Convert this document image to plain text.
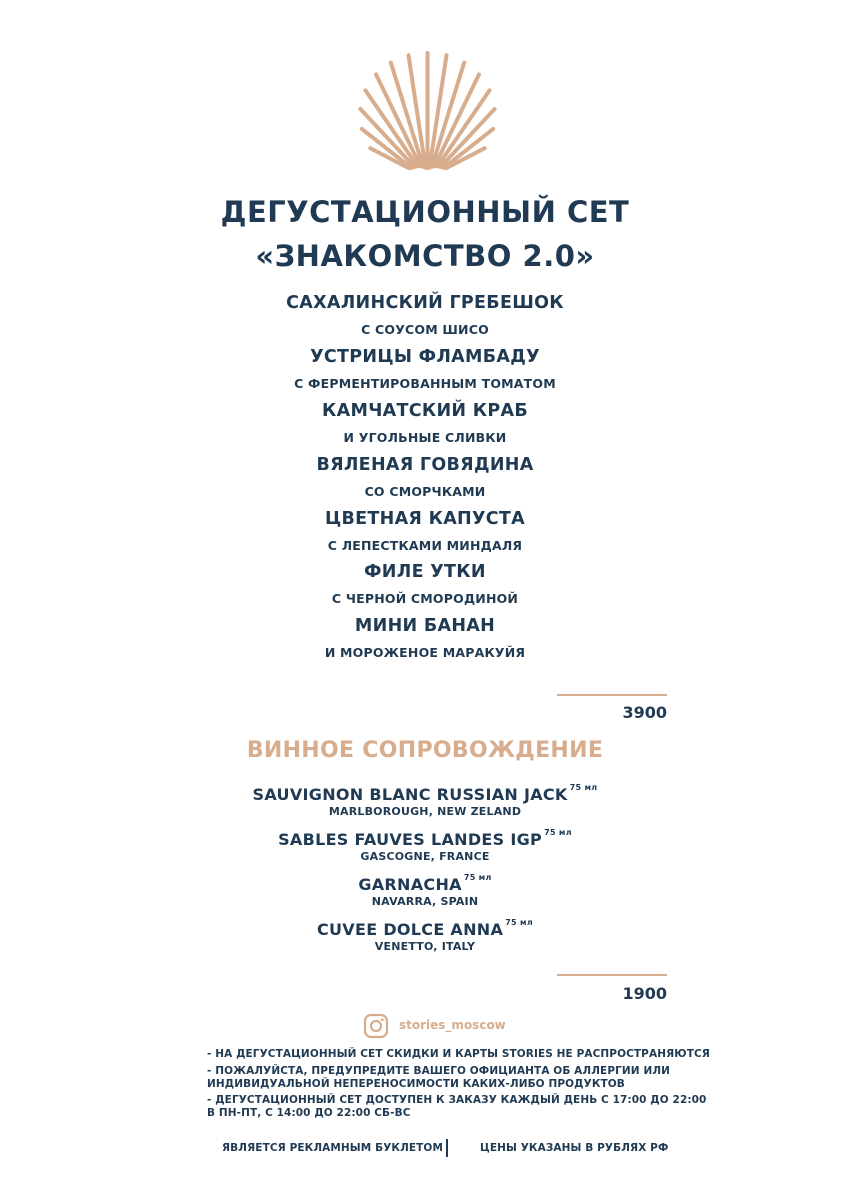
ДЕГУСТАЦИОННЫЙ СЕТ
«ЗНАКОМСТВО 2.0»
САХАЛИНСКИЙ ГРЕБЕШОК
С СОУСОМ ШИСО
УСТРИЦЫ ФЛАМБАДУ
С ФЕРМЕНТИРОВАННЫМ ТОМАТОМ
КАМЧАТСКИЙ КРАБ
И УГОЛЬНЫЕ СЛИВКИ
ВЯЛЕНАЯ ГОВЯДИНА
СО СМОРЧКАМИ
ЦВЕТНАЯ КАПУСТА
С ЛЕПЕСТКАМИ МИНДАЛЯ
ФИЛЕ УТКИ
С ЧЕРНОЙ СМОРОДИНОЙ
МИНИ БАНАН
И МОРОЖЕНОЕ МАРАКУЙЯ
3900
ВИННОЕ СОПРОВОЖДЕНИЕ
SAUVIGNON BLANC RUSSIAN JACK $^{75 мл}$
MARLBOROUGH, NEW ZELAND
SABLES FAUVES LANDES IGP $^{75 мл}$
GASCOGNE, FRANCE
GARNACHA $^{75 мл}$
NAVARRA, SPAIN
CUVEE DOLCE ANNA $^{75 мл}$
VENETTO, ITALY
1900
stories_moscow
- НА ДЕГУСТАЦИОННЫЙ СЕТ СКИДКИ И КАРТЫ STORIES НЕ РАСПРОСТРАНЯЮТСЯ
- ПОЖАЛУЙСТА, ПРЕДУПРЕДИТЕ ВАШЕГО ОФИЦИАНТА ОБ АЛЛЕРГИИ ИЛИ ИНДИВИДУАЛЬНОЙ НЕПЕРЕНОСИМОСТИ КАКИХ-ЛИБО ПРОДУКТОВ
- ДЕГУСТАЦИОННЫЙ СЕТ ДОСТУПЕН К ЗАКАЗУ КАЖДЫЙ ДЕНЬ С 17:00 ДО 22:00 В ПН-ПТ, С 14:00 ДО 22:00 СБ-ВС
ЯВЛЯЕТСЯ РЕКЛАМНЫМ БУКЛЕТОМ	ЦЕНЫ УКАЗАНЫ В РУБЛЯХ РФ
